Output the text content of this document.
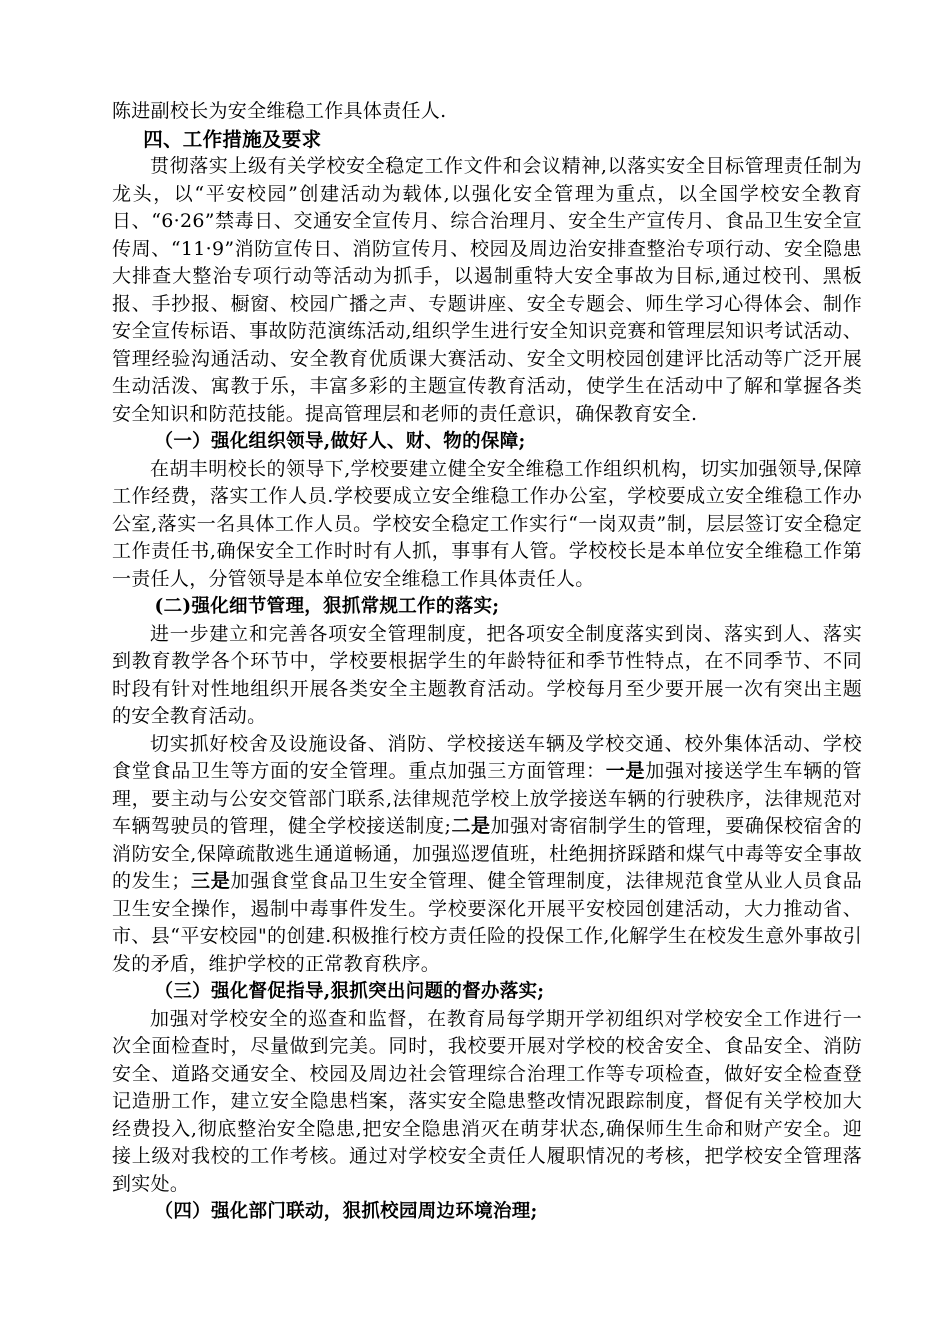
陈进副校长为安全维稳工作具体责任人.

四、工作措施及要求

贯彻落实上级有关学校安全稳定工作文件和会议精神,以落实安全目标管理责任制为龙头，以“平安校园”创建活动为载体,以强化安全管理为重点，以全国学校安全教育日、“6·26”禁毒日、交通安全宣传月、综合治理月、安全生产宣传月、食品卫生安全宣传周、“11·9”消防宣传日、消防宣传月、校园及周边治安排查整治专项行动、安全隐患大排查大整治专项行动等活动为抓手，以遏制重特大安全事故为目标,通过校刊、黑板报、手抄报、橱窗、校园广播之声、专题讲座、安全专题会、师生学习心得体会、制作安全宣传标语、事故防范演练活动,组织学生进行安全知识竞赛和管理层知识考试活动、管理经验沟通活动、安全教育优质课大赛活动、安全文明校园创建评比活动等广泛开展生动活泼、寓教于乐，丰富多彩的主题宣传教育活动，使学生在活动中了解和掌握各类安全知识和防范技能。提高管理层和老师的责任意识，确保教育安全.

（一）强化组织领导,做好人、财、物的保障;

在胡丰明校长的领导下,学校要建立健全安全维稳工作组织机构，切实加强领导,保障工作经费，落实工作人员.学校要成立安全维稳工作办公室，学校要成立安全维稳工作办公室,落实一名具体工作人员。学校安全稳定工作实行“一岗双责”制，层层签订安全稳定工作责任书,确保安全工作时时有人抓，事事有人管。学校校长是本单位安全维稳工作第一责任人，分管领导是本单位安全维稳工作具体责任人。

(二)强化细节管理，狠抓常规工作的落实;

进一步建立和完善各项安全管理制度，把各项安全制度落实到岗、落实到人、落实到教育教学各个环节中，学校要根据学生的年龄特征和季节性特点，在不同季节、不同时段有针对性地组织开展各类安全主题教育活动。学校每月至少要开展一次有突出主题的安全教育活动。

切实抓好校舍及设施设备、消防、学校接送车辆及学校交通、校外集体活动、学校食堂食品卫生等方面的安全管理。重点加强三方面管理：一是加强对接送学生车辆的管理，要主动与公安交管部门联系,法律规范学校上放学接送车辆的行驶秩序，法律规范对车辆驾驶员的管理，健全学校接送制度;二是加强对寄宿制学生的管理，要确保校宿舍的消防安全,保障疏散逃生通道畅通，加强巡逻值班，杜绝拥挤踩踏和煤气中毒等安全事故的发生；三是加强食堂食品卫生安全管理、健全管理制度，法律规范食堂从业人员食品卫生安全操作，遏制中毒事件发生。学校要深化开展平安校园创建活动，大力推动省、市、县“平安校园"的创建.积极推行校方责任险的投保工作,化解学生在校发生意外事故引发的矛盾，维护学校的正常教育秩序。

（三）强化督促指导,狠抓突出问题的督办落实;

加强对学校安全的巡查和监督，在教育局每学期开学初组织对学校安全工作进行一次全面检查时，尽量做到完美。同时，我校要开展对学校的校舍安全、食品安全、消防安全、道路交通安全、校园及周边社会管理综合治理工作等专项检查，做好安全检查登记造册工作，建立安全隐患档案，落实安全隐患整改情况跟踪制度，督促有关学校加大经费投入,彻底整治安全隐患,把安全隐患消灭在萌芽状态,确保师生生命和财产安全。迎接上级对我校的工作考核。通过对学校安全责任人履职情况的考核，把学校安全管理落到实处。

（四）强化部门联动，狠抓校园周边环境治理;
